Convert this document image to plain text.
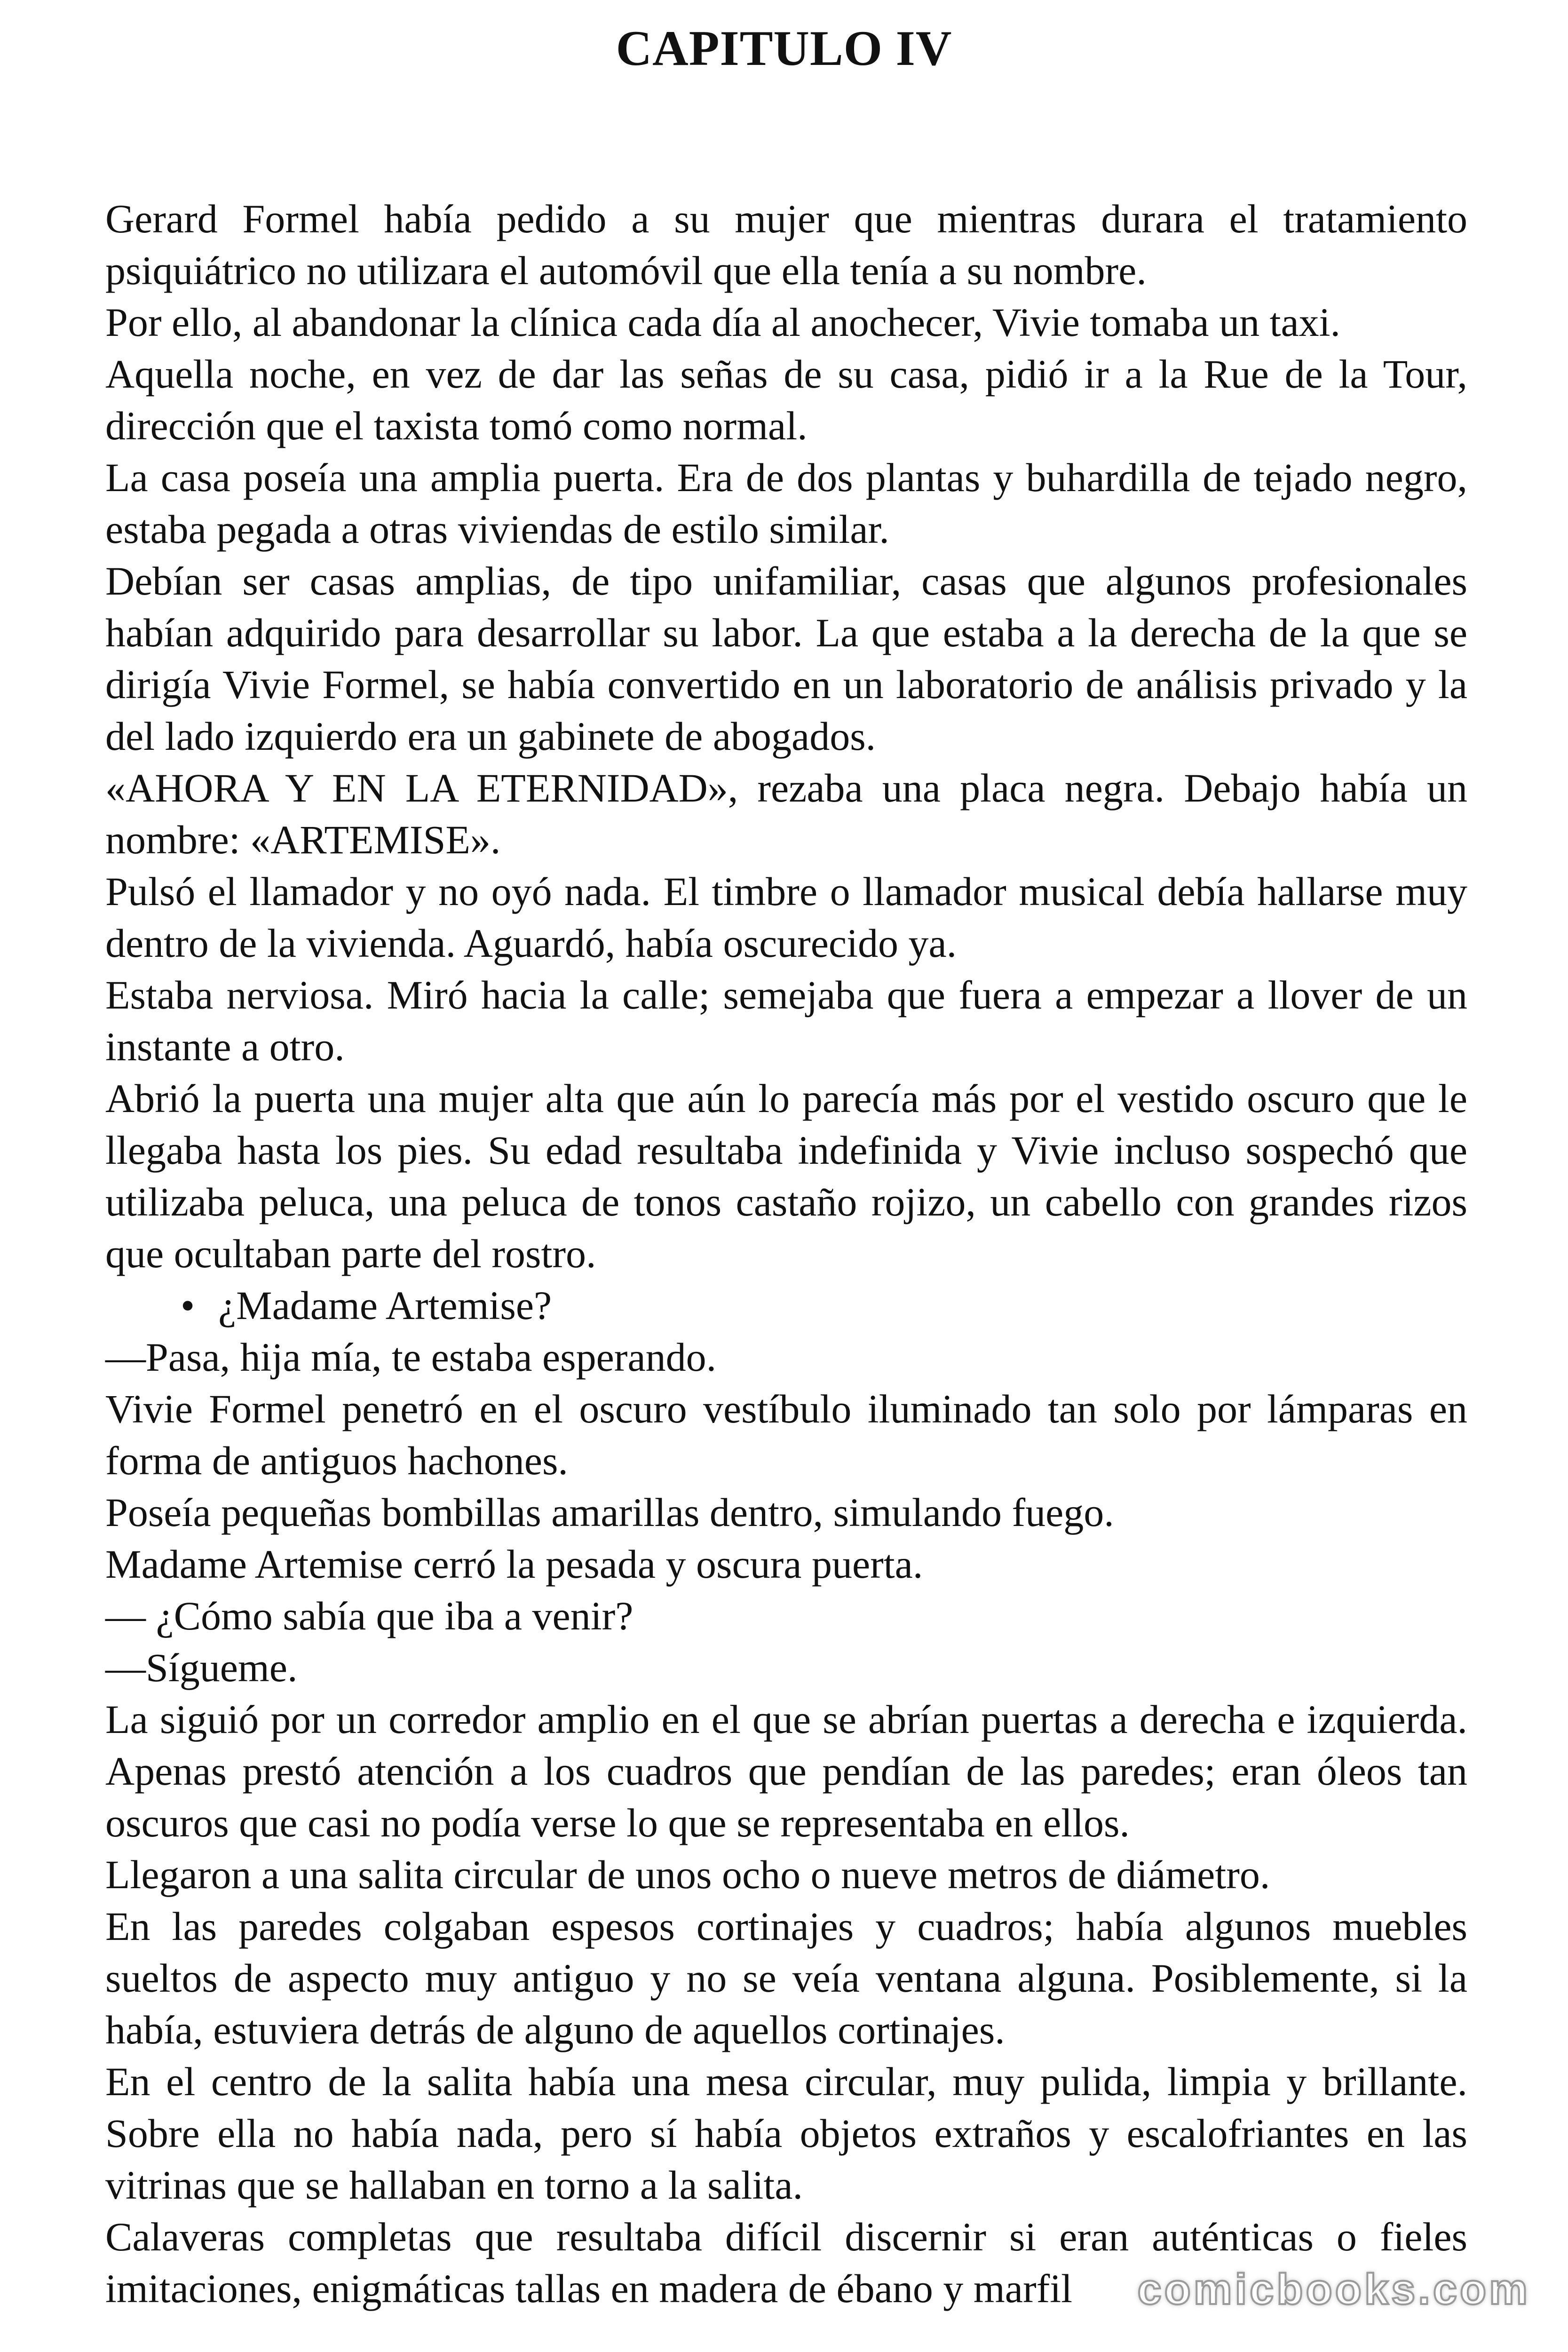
CAPITULO IV

Gerard Formel había pedido a su mujer que mientras durara el tratamiento psiquiátrico no utilizara el automóvil que ella tenía a su nombre.

Por ello, al abandonar la clínica cada día al anochecer, Vivie tomaba un taxi.

Aquella noche, en vez de dar las señas de su casa, pidió ir a la Rue de la Tour, dirección que el taxista tomó como normal.

La casa poseía una amplia puerta. Era de dos plantas y buhardilla de tejado negro, estaba pegada a otras viviendas de estilo similar.

Debían ser casas amplias, de tipo unifamiliar, casas que algunos profesionales habían adquirido para desarrollar su labor. La que estaba a la derecha de la que se dirigía Vivie Formel, se había convertido en un laboratorio de análisis privado y la del lado izquierdo era un gabinete de abogados.

«AHORA Y EN LA ETERNIDAD», rezaba una placa negra. Debajo había un nombre: «ARTEMISE».

Pulsó el llamador y no oyó nada. El timbre o llamador musical debía hallarse muy dentro de la vivienda. Aguardó, había oscurecido ya.

Estaba nerviosa. Miró hacia la calle; semejaba que fuera a empezar a llover de un instante a otro.

Abrió la puerta una mujer alta que aún lo parecía más por el vestido oscuro que le llegaba hasta los pies. Su edad resultaba indefinida y Vivie incluso sospechó que utilizaba peluca, una peluca de tonos castaño rojizo, un cabello con grandes rizos que ocultaban parte del rostro.

• ¿Madame Artemise?

—Pasa, hija mía, te estaba esperando.

Vivie Formel penetró en el oscuro vestíbulo iluminado tan solo por lámparas en forma de antiguos hachones.

Poseía pequeñas bombillas amarillas dentro, simulando fuego.

Madame Artemise cerró la pesada y oscura puerta.

— ¿Cómo sabía que iba a venir?

—Sígueme.

La siguió por un corredor amplio en el que se abrían puertas a derecha e izquierda. Apenas prestó atención a los cuadros que pendían de las paredes; eran óleos tan oscuros que casi no podía verse lo que se representaba en ellos.

Llegaron a una salita circular de unos ocho o nueve metros de diámetro.

En las paredes colgaban espesos cortinajes y cuadros; había algunos muebles sueltos de aspecto muy antiguo y no se veía ventana alguna. Posiblemente, si la había, estuviera detrás de alguno de aquellos cortinajes.

En el centro de la salita había una mesa circular, muy pulida, limpia y brillante. Sobre ella no había nada, pero sí había objetos extraños y escalofriantes en las vitrinas que se hallaban en torno a la salita.

Calaveras completas que resultaba difícil discernir si eran auténticas o fieles imitaciones, enigmáticas tallas en madera de ébano y marfil	comicbooks.com
